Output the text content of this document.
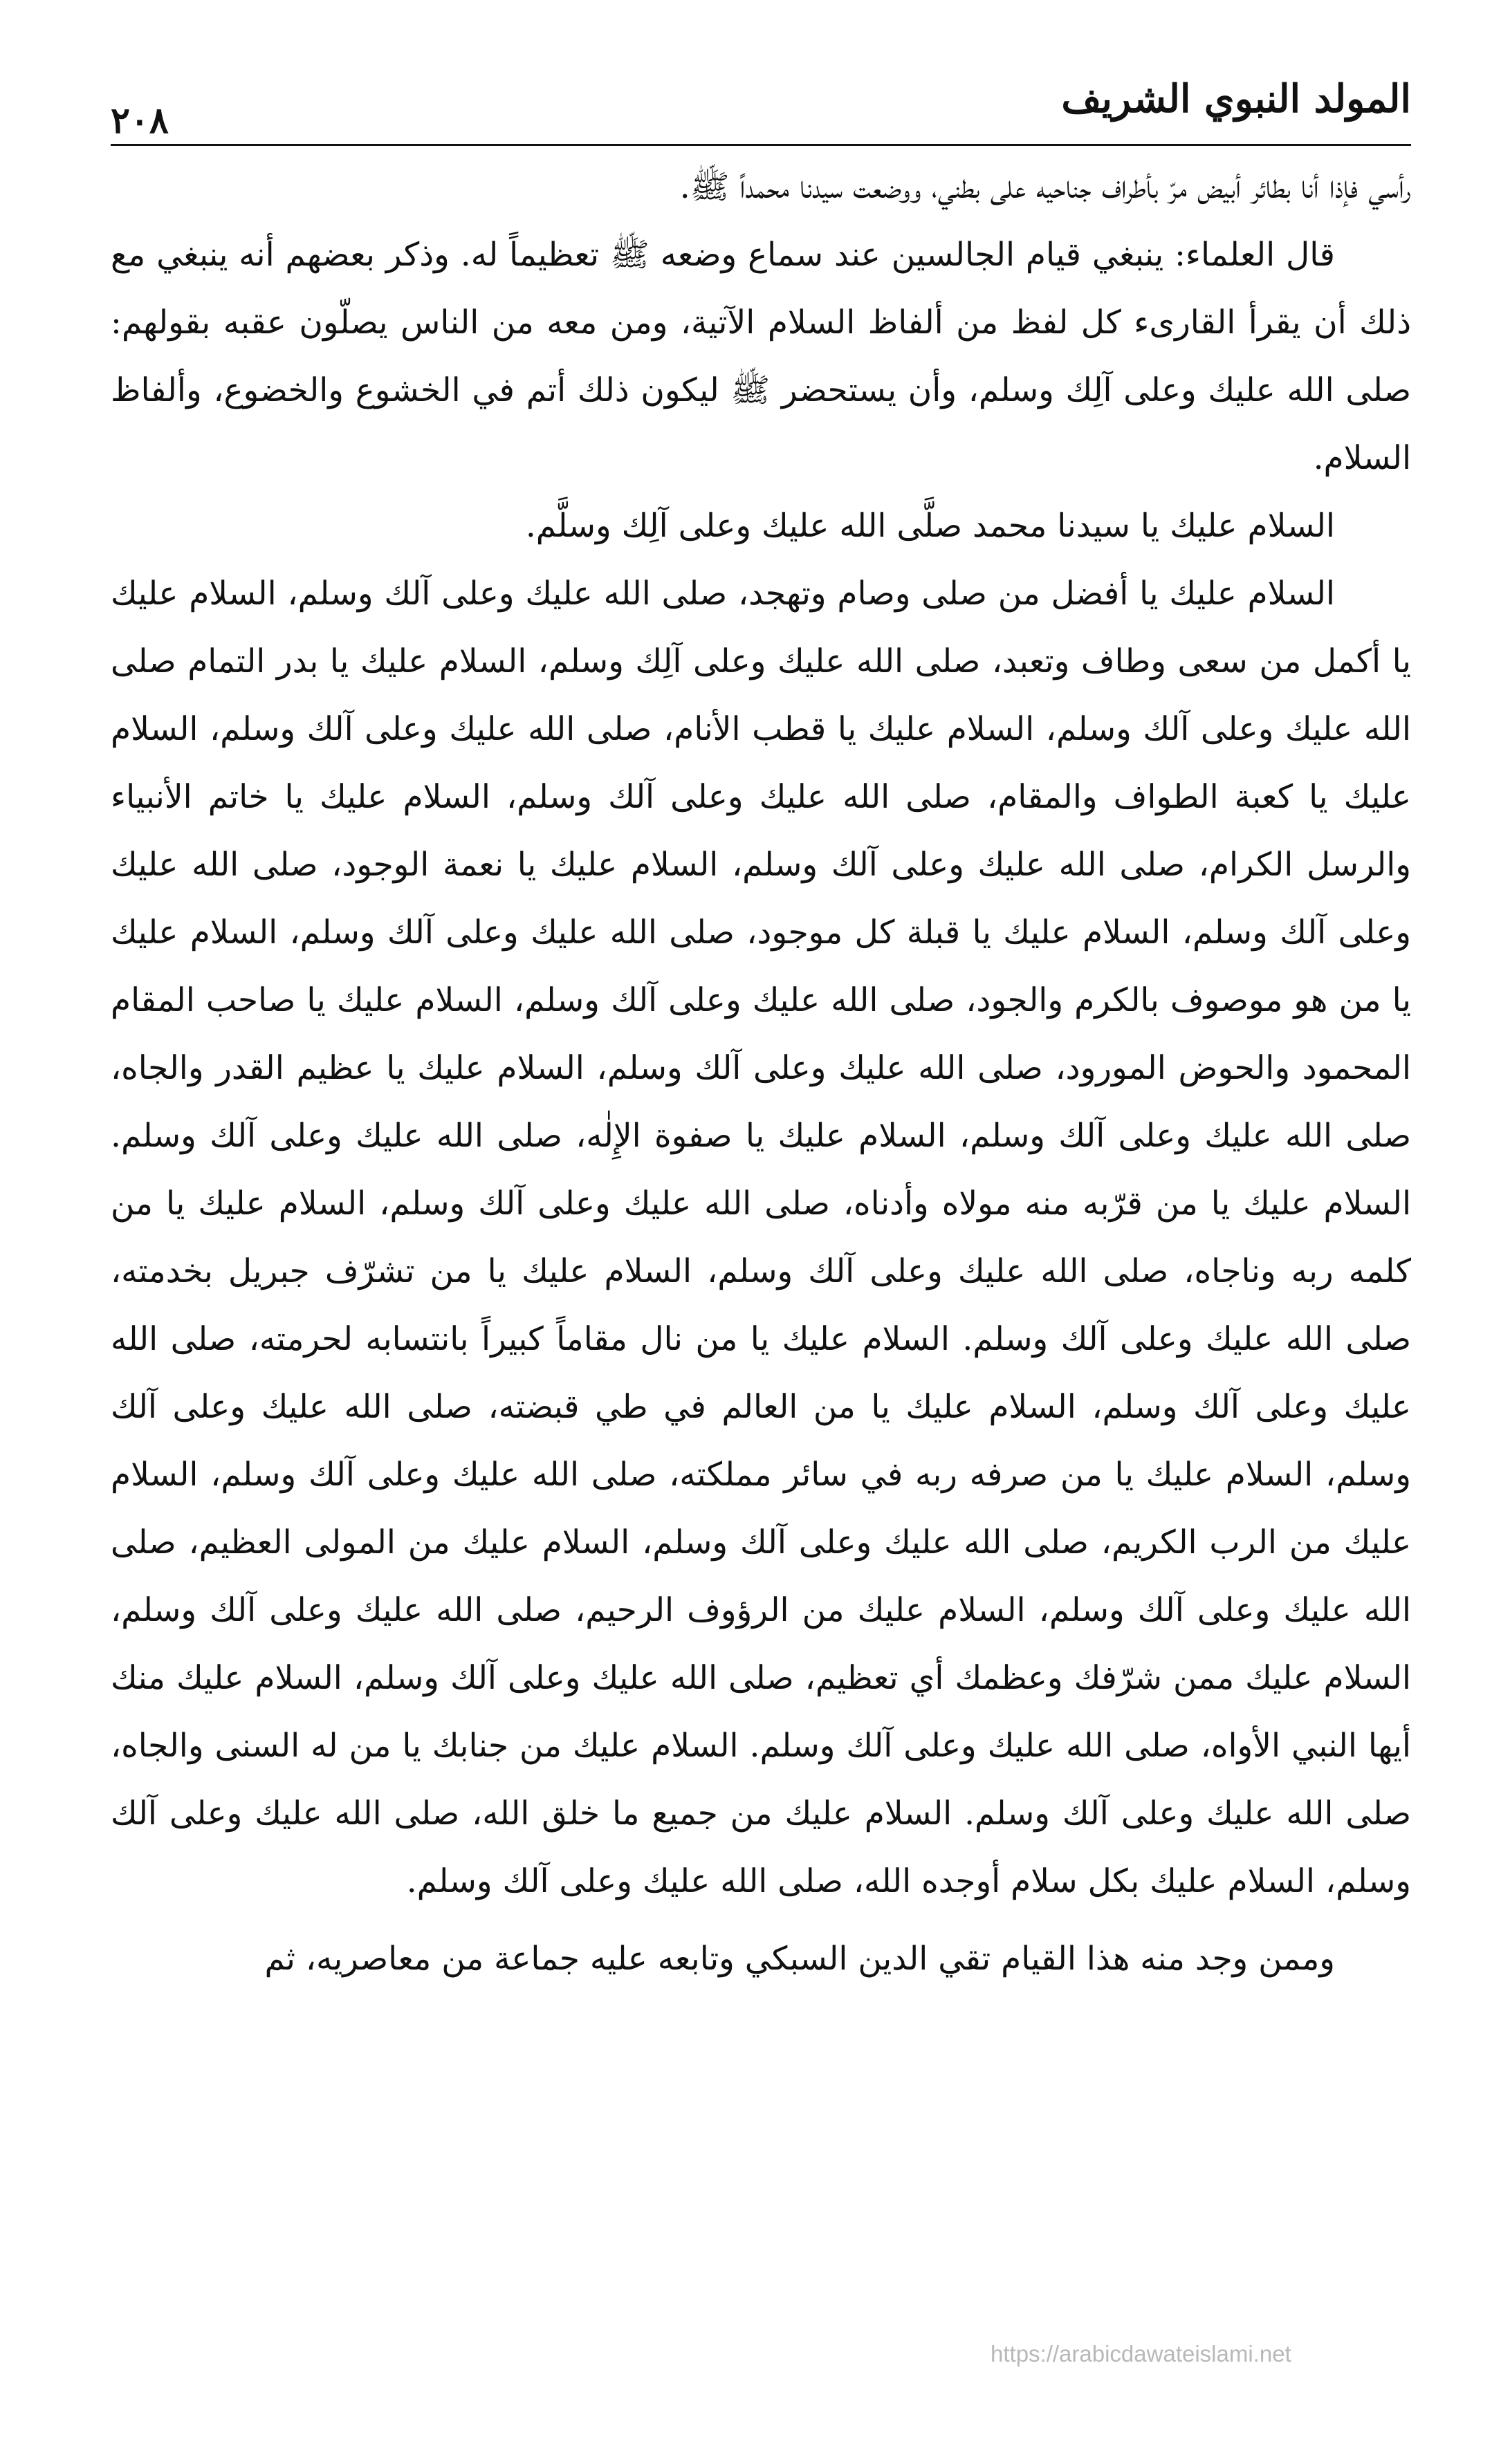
المولد النبوي الشريف
٢٠٨

رأسي فإذا أنا بطائر أبيض مرّ بأطراف جناحيه على بطني، ووضعت سيدنا محمداً ﷺ.

قال العلماء: ينبغي قيام الجالسين عند سماع وضعه ﷺ تعظيماً له. وذكر بعضهم أنه ينبغي مع ذلك أن يقرأ القارىء كل لفظ من ألفاظ السلام الآتية، ومن معه من الناس يصلّون عقبه بقولهم: صلى الله عليك وعلى آلِك وسلم، وأن يستحضر ﷺ ليكون ذلك أتم في الخشوع والخضوع، وألفاظ السلام.

السلام عليك يا سيدنا محمد صلَّى الله عليك وعلى آلِك وسلَّم.

السلام عليك يا أفضل من صلى وصام وتهجد، صلى الله عليك وعلى آلك وسلم، السلام عليك يا أكمل من سعى وطاف وتعبد، صلى الله عليك وعلى آلِك وسلم، السلام عليك يا بدر التمام صلى الله عليك وعلى آلك وسلم، السلام عليك يا قطب الأنام، صلى الله عليك وعلى آلك وسلم، السلام عليك يا كعبة الطواف والمقام، صلى الله عليك وعلى آلك وسلم، السلام عليك يا خاتم الأنبياء والرسل الكرام، صلى الله عليك وعلى آلك وسلم، السلام عليك يا نعمة الوجود، صلى الله عليك وعلى آلك وسلم، السلام عليك يا قبلة كل موجود، صلى الله عليك وعلى آلك وسلم، السلام عليك يا من هو موصوف بالكرم والجود، صلى الله عليك وعلى آلك وسلم، السلام عليك يا صاحب المقام المحمود والحوض المورود، صلى الله عليك وعلى آلك وسلم، السلام عليك يا عظيم القدر والجاه، صلى الله عليك وعلى آلك وسلم، السلام عليك يا صفوة الإِلٰه، صلى الله عليك وعلى آلك وسلم. السلام عليك يا من قرّبه منه مولاه وأدناه، صلى الله عليك وعلى آلك وسلم، السلام عليك يا من كلمه ربه وناجاه، صلى الله عليك وعلى آلك وسلم، السلام عليك يا من تشرّف جبريل بخدمته، صلى الله عليك وعلى آلك وسلم. السلام عليك يا من نال مقاماً كبيراً بانتسابه لحرمته، صلى الله عليك وعلى آلك وسلم، السلام عليك يا من العالم في طي قبضته، صلى الله عليك وعلى آلك وسلم، السلام عليك يا من صرفه ربه في سائر مملكته، صلى الله عليك وعلى آلك وسلم، السلام عليك من الرب الكريم، صلى الله عليك وعلى آلك وسلم، السلام عليك من المولى العظيم، صلى الله عليك وعلى آلك وسلم، السلام عليك من الرؤوف الرحيم، صلى الله عليك وعلى آلك وسلم، السلام عليك ممن شرّفك وعظمك أي تعظيم، صلى الله عليك وعلى آلك وسلم، السلام عليك منك أيها النبي الأواه، صلى الله عليك وعلى آلك وسلم. السلام عليك من جنابك يا من له السنى والجاه، صلى الله عليك وعلى آلك وسلم. السلام عليك من جميع ما خلق الله، صلى الله عليك وعلى آلك وسلم، السلام عليك بكل سلام أوجده الله، صلى الله عليك وعلى آلك وسلم.

وممن وجد منه هذا القيام تقي الدين السبكي وتابعه عليه جماعة من معاصريه، ثم

https://arabicdawateislami.net
